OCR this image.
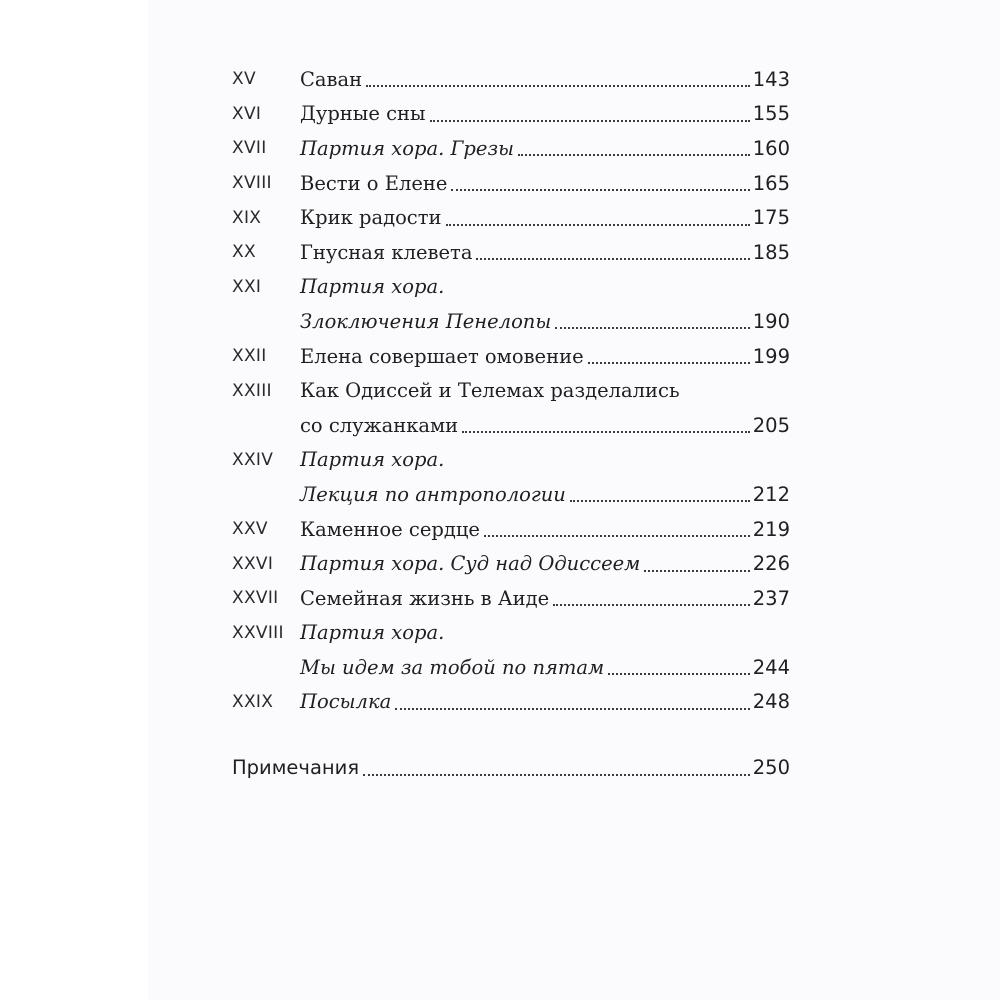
XV	Саван	143
XVI	Дурные сны	155
XVII	Партия хора. Грезы	160
XVIII	Вести о Елене	165
XIX	Крик радости	175
XX	Гнусная клевета	185
XXI	Партия хора.
Злоключения Пенелопы	190
XXII	Елена совершает омовение	199
XXIII	Как Одиссей и Телемах разделались
со служанками	205
XXIV	Партия хора.
Лекция по антропологии	212
XXV	Каменное сердце	219
XXVI	Партия хора. Суд над Одиссеем	226
XXVII	Семейная жизнь в Аиде	237
XXVIII Партия хора.
Мы идем за тобой по пятам	244
XXIX	Посылка	248
Примечания	250
